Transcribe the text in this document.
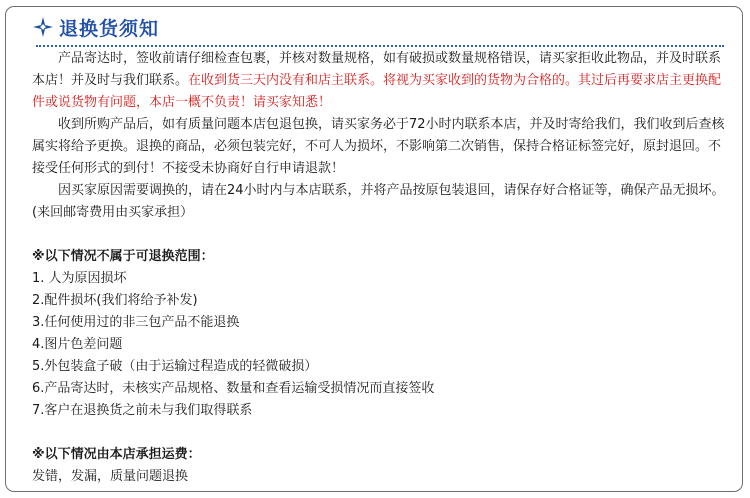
退换货须知

产品寄达时，签收前请仔细检查包裹，并核对数量规格，如有破损或数量规格错误，请买家拒收此物品，并及时联系本店！并及时与我们联系。在收到货三天内没有和店主联系。将视为买家收到的货物为合格的。其过后再要求店主更换配件或说货物有问题，本店一概不负责！请买家知悉！

收到所购产品后，如有质量问题本店包退包换，请买家务必于72小时内联系本店，并及时寄给我们，我们收到后查核属实将给予更换。退换的商品，必须包装完好，不可人为损坏，不影响第二次销售，保持合格证标签完好，原封退回。不接受任何形式的到付！不接受未协商好自行申请退款！

因买家原因需要调换的，请在24小时内与本店联系，并将产品按原包装退回，请保存好合格证等，确保产品无损坏。(来回邮寄费用由买家承担）

※以下情况不属于可退换范围：

1. 人为原因损坏
2.配件损坏(我们将给予补发)
3.任何使用过的非三包产品不能退换
4.图片色差问题
5.外包装盒子破（由于运输过程造成的轻微破损）
6.产品寄达时，未核实产品规格、数量和查看运输受损情况而直接签收
7.客户在退换货之前未与我们取得联系

※以下情况由本店承担运费：

发错，发漏，质量问题退换
